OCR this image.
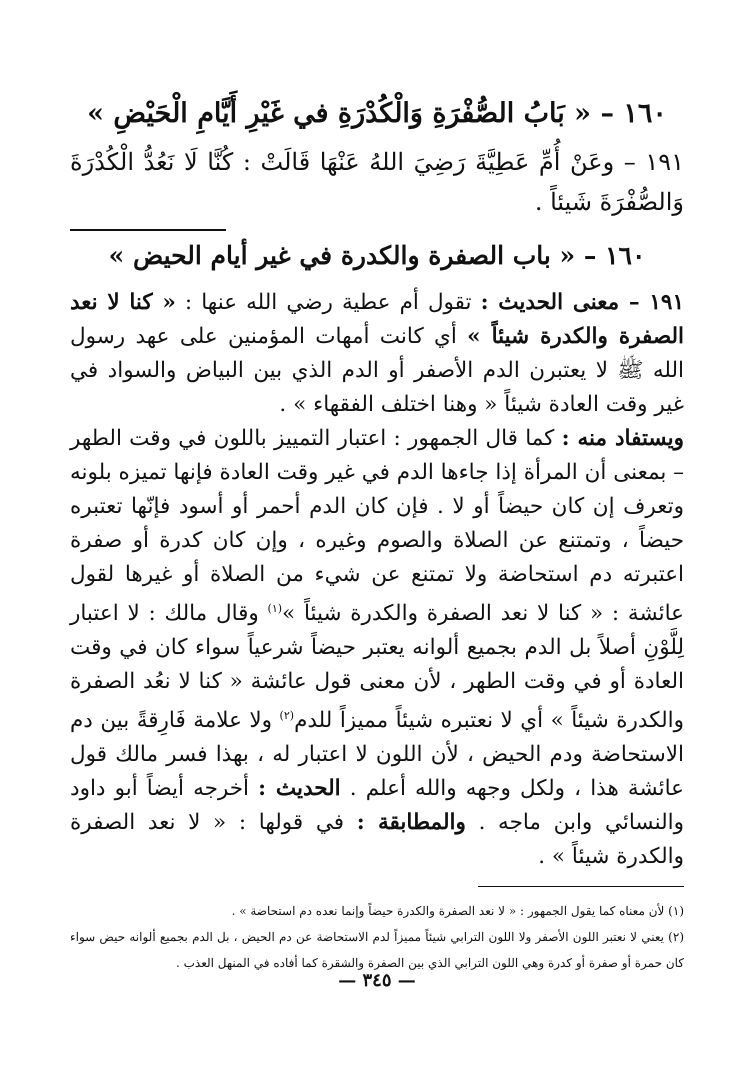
١٦٠ – « بَابُ الصُّفْرَةِ وَالْكُدْرَةِ في غَيْرِ أَيَّامِ الْحَيْضِ »
١٩١ – وعَنْ أُمِّ عَطِيَّةَ رَضِيَ اللهُ عَنْهَا قَالَتْ : كُنَّا لَا نَعُدُّ الْكُدْرَةَ وَالصُّفْرَةَ شَيئاً .
١٦٠ – « باب الصفرة والكدرة في غير أيام الحيض »

١٩١ – معنى الحديث : تقول أم عطية رضي الله عنها : « كنا لا نعد الصفرة والكدرة شيئاً » أي كانت أمهات المؤمنين على عهد رسول الله ﷺ لا يعتبرن الدم الأصفر أو الدم الذي بين البياض والسواد في غير وقت العادة شيئاً « وهنا اختلف الفقهاء » .

ويستفاد منه : كما قال الجمهور : اعتبار التمييز باللون في وقت الطهر – بمعنى أن المرأة إذا جاءها الدم في غير وقت العادة فإنها تميزه بلونه وتعرف إن كان حيضاً أو لا . فإن كان الدم أحمر أو أسود فإنّها تعتبره حيضاً ، وتمتنع عن الصلاة والصوم وغيره ، وإن كان كدرة أو صفرة اعتبرته دم استحاضة ولا تمتنع عن شيء من الصلاة أو غيرها لقول عائشة : « كنا لا نعد الصفرة والكدرة شيئاً »$^{(١)}$ وقال مالك : لا اعتبار لِلَّوْنِ أصلاً بل الدم بجميع ألوانه يعتبر حيضاً شرعياً سواء كان في وقت العادة أو في وقت الطهر ، لأن معنى قول عائشة « كنا لا نعُد الصفرة والكدرة شيئاً » أي لا نعتبره شيئاً مميزاً للدم$^{(٢)}$ ولا علامة فَارِقةً بين دم الاستحاضة ودم الحيض ، لأن اللون لا اعتبار له ، بهذا فسر مالك قول عائشة هذا ، ولكل وجهه والله أعلم . الحديث : أخرجه أيضاً أبو داود والنسائي وابن ماجه . والمطابقة : في قولها : « لا نعد الصفرة والكدرة شيئاً » .

(١) لأن معناه كما يقول الجمهور : « لا نعد الصفرة والكدرة حيضاً وإنما نعده دم استحاضة » .

(٢) يعني لا نعتبر اللون الأصفر ولا اللون الترابي شيئاً مميزاً لدم الاستحاضة عن دم الحيض ، بل الدم بجميع ألوانه حيض سواء كان حمرة أو صفرة أو كدرة وهي اللون الترابي الذي بين الصفرة والشقرة كما أفاده في المنهل العذب .

— ٣٤٥ —
